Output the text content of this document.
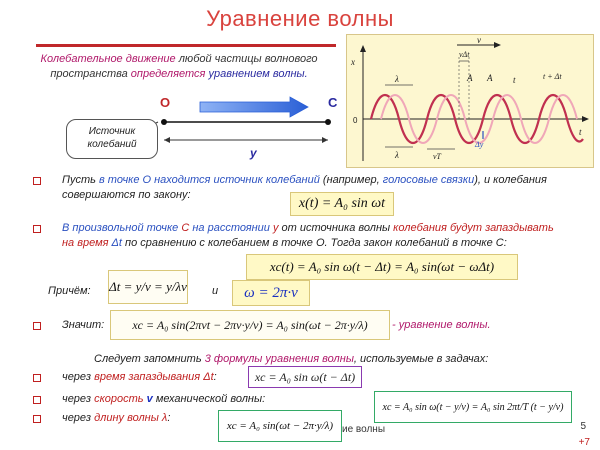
Уравнение волны
Колебательное движение любой частицы волнового пространства определяется уравнением волны.
O	C
y
Источник
колебаний
x
t
0
v
vΔt
λ	A A t	t + Δt
λ	vT
Δy
Пусть в точке О находится источник колебаний (например, голосовые связки), и колебания совершаются по закону:
x(t) = A₀ sin ωt
В произвольной точке С на расстоянии у от источника волны колебания будут запаздывать на время Δt по сравнению с колебанием в точке О. Тогда закон колебаний в точке С:
xc(t) = A₀ sin ω(t − Δt) = A₀ sin(ωt − ωΔt)
Причём: Δt = y/v = y/λν и	ω = 2π·ν
Значит:	xc = A₀ sin(2πνt − 2πν·y/v) = A₀ sin(ωt − 2π·y/λ)	- уравнение волны.
Следует запомнить 3 формулы уравнения волны, используемые в задачах:
через время запаздывания Δt:	xc = A₀ sin ω(t − Δt)
через скорость v механической волны:
xc = A₀ sin ω(t − y/v) = A₀ sin 2πt/T (t − y/v)
через длину волны λ:
xc = A₀ sin(ωt − 2π·y/λ) ие волны	5
+7
